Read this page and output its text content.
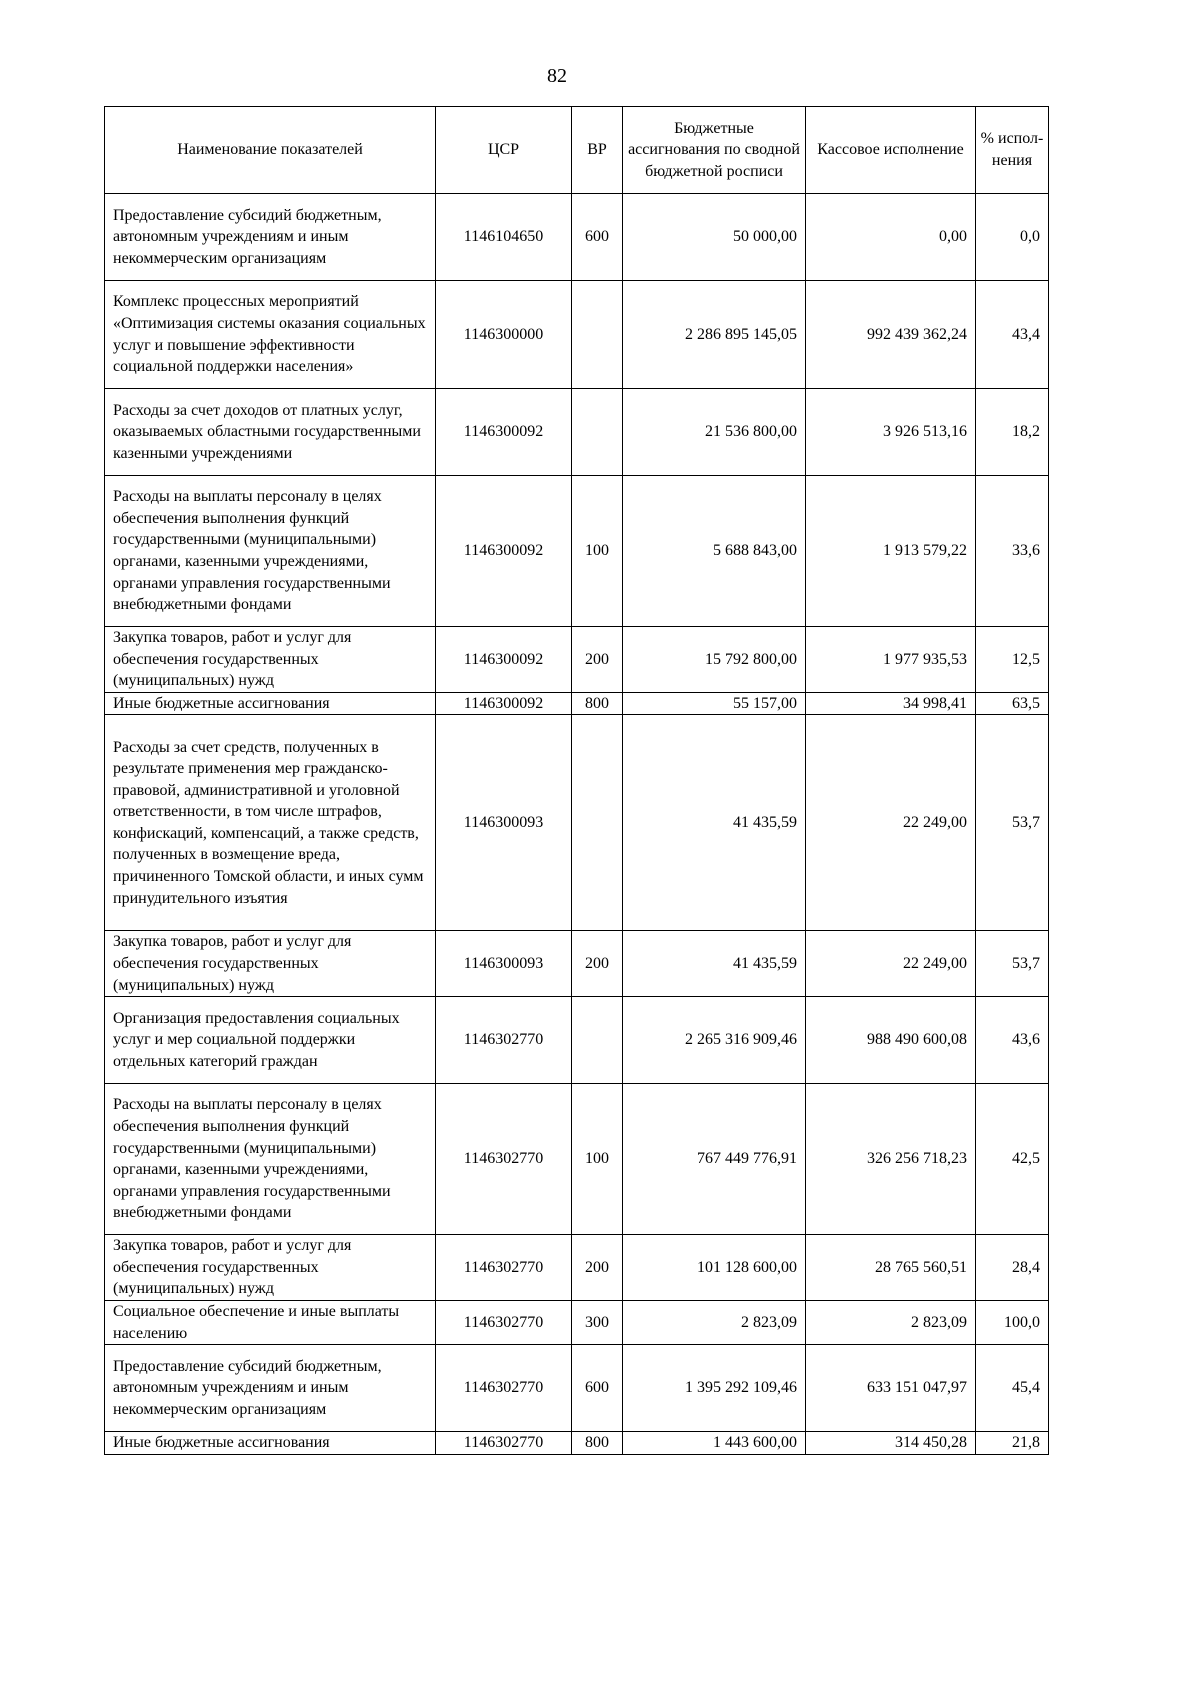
82
Наименование показателей	ЦСР	ВР	Бюджетные ассигнования по сводной бюджетной росписи	Кассовое исполнение	% испол-нения
Предоставление субсидий бюджетным, автономным учреждениям и иным некоммерческим организациям	1146104650	600	50 000,00	0,00	0,0
Комплекс процессных мероприятий «Оптимизация системы оказания социальных услуг и повышение эффективности социальной поддержки населения»	1146300000		2 286 895 145,05	992 439 362,24	43,4
Расходы за счет доходов от платных услуг, оказываемых областными государственными казенными учреждениями	1146300092		21 536 800,00	3 926 513,16	18,2
Расходы на выплаты персоналу в целях обеспечения выполнения функций государственными (муниципальными) органами, казенными учреждениями, органами управления государственными внебюджетными фондами	1146300092	100	5 688 843,00	1 913 579,22	33,6
Закупка товаров, работ и услуг для обеспечения государственных (муниципальных) нужд	1146300092	200	15 792 800,00	1 977 935,53	12,5
Иные бюджетные ассигнования	1146300092	800	55 157,00	34 998,41	63,5
Расходы за счет средств, полученных в результате применения мер гражданско-правовой, административной и уголовной ответственности, в том числе штрафов, конфискаций, компенсаций, а также средств, полученных в возмещение вреда, причиненного Томской области, и иных сумм принудительного изъятия	1146300093		41 435,59	22 249,00	53,7
Закупка товаров, работ и услуг для обеспечения государственных (муниципальных) нужд	1146300093	200	41 435,59	22 249,00	53,7
Организация предоставления социальных услуг и мер социальной поддержки отдельных категорий граждан	1146302770		2 265 316 909,46	988 490 600,08	43,6
Расходы на выплаты персоналу в целях обеспечения выполнения функций государственными (муниципальными) органами, казенными учреждениями, органами управления государственными внебюджетными фондами	1146302770	100	767 449 776,91	326 256 718,23	42,5
Закупка товаров, работ и услуг для обеспечения государственных (муниципальных) нужд	1146302770	200	101 128 600,00	28 765 560,51	28,4
Социальное обеспечение и иные выплаты населению	1146302770	300	2 823,09	2 823,09	100,0
Предоставление субсидий бюджетным, автономным учреждениям и иным некоммерческим организациям	1146302770	600	1 395 292 109,46	633 151 047,97	45,4
Иные бюджетные ассигнования	1146302770	800	1 443 600,00	314 450,28	21,8
